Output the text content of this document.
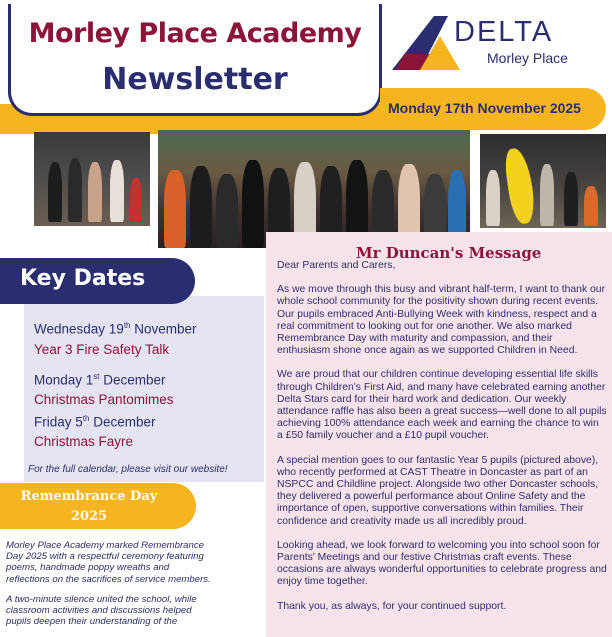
Morley Place Academy
Newsletter
DELTA
Morley Place
Monday 17th November 2025
Mr Duncan's Message

Dear Parents and Carers,

As we move through this busy and vibrant half-term, I want to thank our whole school community for the positivity shown during recent events. Our pupils embraced Anti-Bullying Week with kindness, respect and a real commitment to looking out for one another. We also marked Remembrance Day with maturity and compassion, and their enthusiasm shone once again as we supported Children in Need.

We are proud that our children continue developing essential life skills through Children's First Aid, and many have celebrated earning another Delta Stars card for their hard work and dedication. Our weekly attendance raffle has also been a great success—well done to all pupils achieving 100% attendance each week and earning the chance to win a £50 family voucher and a £10 pupil voucher.

A special mention goes to our fantastic Year 5 pupils (pictured above), who recently performed at CAST Theatre in Doncaster as part of an NSPCC and Childline project. Alongside two other Doncaster schools, they delivered a powerful performance about Online Safety and the importance of open, supportive conversations within families. Their confidence and creativity made us all incredibly proud.

Looking ahead, we look forward to welcoming you into school soon for Parents' Meetings and our festive Christmas craft events. These occasions are always wonderful opportunities to celebrate progress and enjoy time together.

Thank you, as always, for your continued support.

Key Dates
Wednesday 19th November
Year 3 Fire Safety Talk
Monday 1st December
Christmas Pantomimes
Friday 5th December
Christmas Fayre
For the full calendar, please visit our website!
Remembrance Day
2025

Morley Place Academy marked Remembrance Day 2025 with a respectful ceremony featuring poems, handmade poppy wreaths and reflections on the sacrifices of service members.

A two-minute silence united the school, while classroom activities and discussions helped pupils deepen their understanding of the
